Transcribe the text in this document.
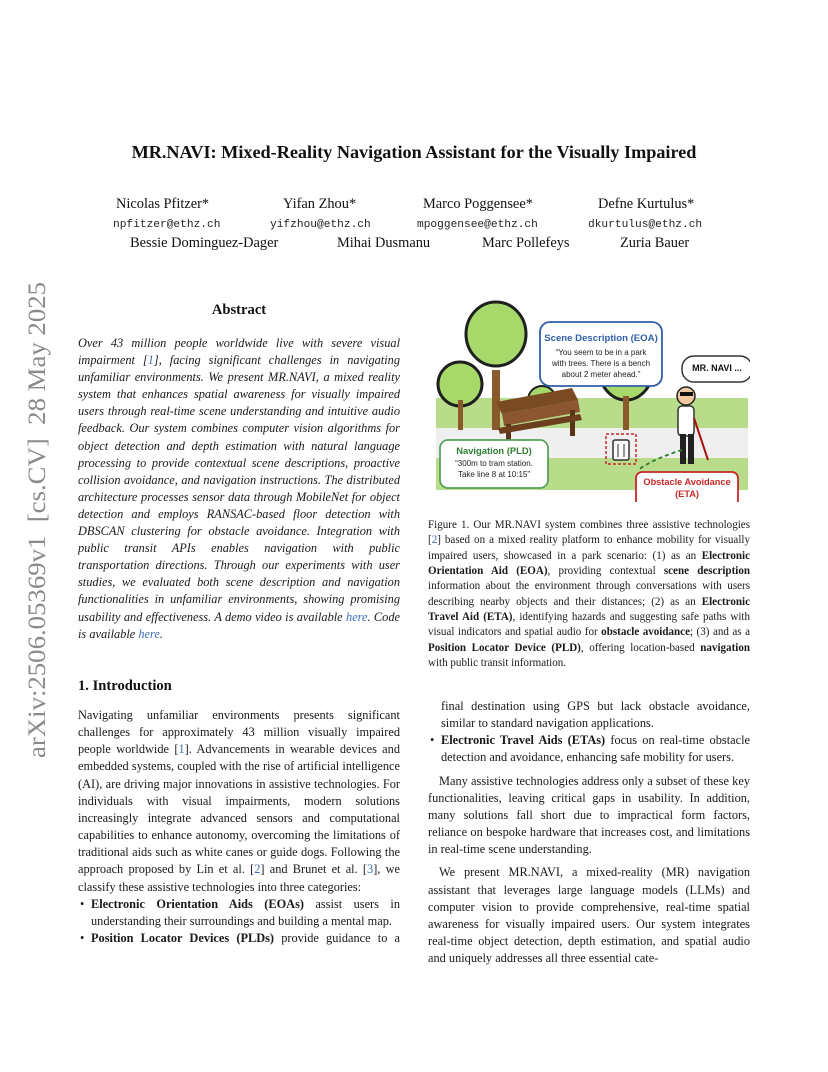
arXiv:2506.05369v1  [cs.CV]  28 May 2025
MR.NAVI: Mixed-Reality Navigation Assistant for the Visually Impaired
Nicolas Pfitzer*	Yifan Zhou*	Marco Poggensee*	Defne Kurtulus*
npfitzer@ethz.ch	yifzhou@ethz.ch	mpoggensee@ethz.ch	dkurtulus@ethz.ch
Bessie Dominguez-Dager	Mihai Dusmanu	Marc Pollefeys	Zuria Bauer
Abstract
Over 43 million people worldwide live with severe visual impairment [1], facing significant challenges in navigating unfamiliar environments. We present MR.NAVI, a mixed reality system that enhances spatial awareness for visually impaired users through real-time scene understanding and intuitive audio feedback. Our system combines computer vision algorithms for object detection and depth estimation with natural language processing to provide contextual scene descriptions, proactive collision avoidance, and navigation instructions. The distributed architecture processes sensor data through MobileNet for object detection and employs RANSAC-based floor detection with DBSCAN clustering for obstacle avoidance. Integration with public transit APIs enables navigation with public transportation directions. Through our experiments with user studies, we evaluated both scene description and navigation functionalities in unfamiliar environments, showing promising usability and effectiveness. A demo video is available here. Code is available here.
1. Introduction

Navigating unfamiliar environments presents significant challenges for approximately 43 million visually impaired people worldwide [1]. Advancements in wearable devices and embedded systems, coupled with the rise of artificial intelligence (AI), are driving major innovations in assistive technologies. For individuals with visual impairments, modern solutions increasingly integrate advanced sensors and computational capabilities to enhance autonomy, overcoming the limitations of traditional aids such as white canes or guide dogs. Following the approach proposed by Lin et al. [2] and Brunet et al. [3], we classify these assistive technologies into three categories:

• Electronic Orientation Aids (EOAs) assist users in understanding their surroundings and building a mental map.
• Position Locator Devices (PLDs) provide guidance to a

final destination using GPS but lack obstacle avoidance, similar to standard navigation applications.

• Electronic Travel Aids (ETAs) focus on real-time obstacle detection and avoidance, enhancing safe mobility for users.

Many assistive technologies address only a subset of these key functionalities, leaving critical gaps in usability. In addition, many solutions fall short due to impractical form factors, reliance on bespoke hardware that increases cost, and limitations in real-time scene understanding.

We present MR.NAVI, a mixed-reality (MR) navigation assistant that leverages large language models (LLMs) and computer vision to provide comprehensive, real-time spatial awareness for visually impaired users. Our system integrates real-time object detection, depth estimation, and spatial audio and uniquely addresses all three essential cate-

Scene Description (EOA)
“You seem to be in a park
with trees. There is a bench
about 2 meter ahead.”
MR. NAVI ...
Navigation (PLD)
“300m to tram station.
Take line 8 at 10:15”
Obstacle Avoidance
(ETA)
Figure 1. Our MR.NAVI system combines three assistive technologies [2] based on a mixed reality platform to enhance mobility for visually impaired users, showcased in a park scenario: (1) as an Electronic Orientation Aid (EOA), providing contextual scene description information about the environment through conversations with users describing nearby objects and their distances; (2) as an Electronic Travel Aid (ETA), identifying hazards and suggesting safe paths with visual indicators and spatial audio for obstacle avoidance; (3) and as a Position Locator Device (PLD), offering location-based navigation with public transit information.
